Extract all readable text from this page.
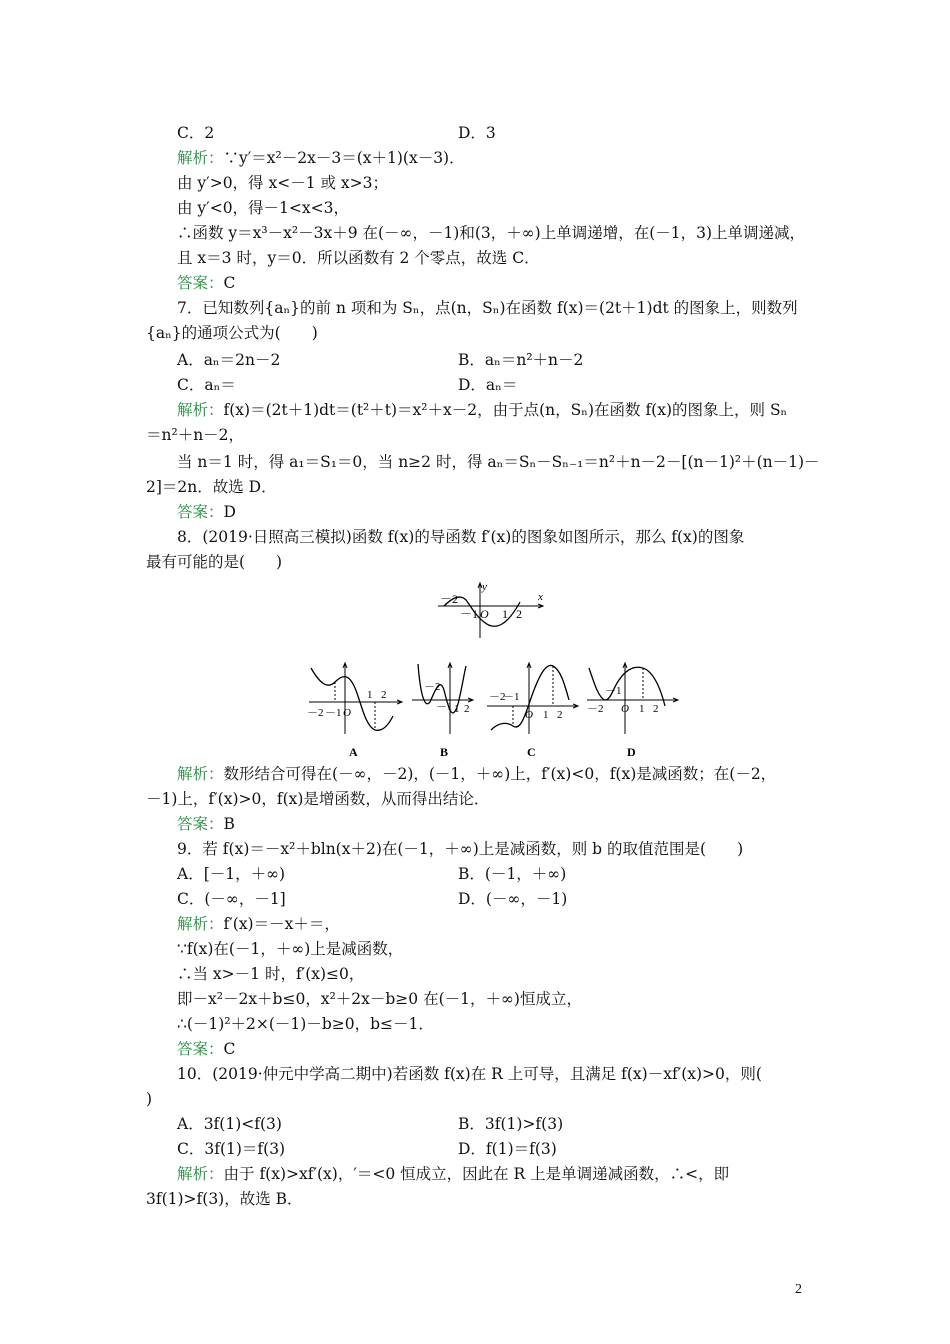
C．2	D．3
解析：∵y′＝x²－2x－3＝(x＋1)(x－3)．
由 y′>0，得 x<－1 或 x>3；
由 y′<0，得－1<x<3，
∴函数 y＝x³－x²－3x＋9 在(－∞，－1)和(3，＋∞)上单调递增，在(－1，3)上单调递减，
且 x＝3 时，y＝0．所以函数有 2 个零点，故选 C．
答案：C
7．已知数列{aₙ}的前 n 项和为 Sₙ，点(n，Sₙ)在函数 f(x)＝(2t＋1)dt 的图象上，则数列
{aₙ}的通项公式为(　　)
A．aₙ＝2n－2	B．aₙ＝n²＋n－2
C．aₙ＝	D．aₙ＝
解析：f(x)＝(2t＋1)dt＝(t²＋t)＝x²＋x－2，由于点(n，Sₙ)在函数 f(x)的图象上，则 Sₙ
＝n²＋n－2，
当 n＝1 时，得 a₁＝S₁＝0，当 n≥2 时，得 aₙ＝Sₙ－Sₙ₋₁＝n²＋n－2－[(n－1)²＋(n－1)－
2]＝2n．故选 D．
答案：D
8．(2019·日照高三模拟)函数 f(x)的导函数 f′(x)的图象如图所示，那么 f(x)的图象
最有可能的是(　　)
解析：数形结合可得在(－∞，－2)，(－1，＋∞)上，f′(x)<0，f(x)是减函数；在(－2，
－1)上，f′(x)>0，f(x)是增函数，从而得出结论．
答案：B
9．若 f(x)＝－x²＋bln(x＋2)在(－1，＋∞)上是减函数，则 b 的取值范围是(　　)
A．[－1，＋∞)	B．(－1，＋∞)
C．(－∞，－1]	D．(－∞，－1)
解析：f′(x)＝－x＋＝，
∵f(x)在(－1，＋∞)上是减函数，
∴当 x>－1 时，f′(x)≤0，
即－x²－2x＋b≤0，x²＋2x－b≥0 在(－1，＋∞)恒成立，
∴(－1)²＋2×(－1)－b≥0，b≤－1．
答案：C
10．(2019·仲元中学高二期中)若函数 f(x)在 R 上可导，且满足 f(x)－xf′(x)>0，则(
)
A．3f(1)<f(3)	B．3f(1)>f(3)
C．3f(1)＝f(3)	D．f(1)＝f(3)
解析：由于 f(x)>xf′(x)，′＝<0 恒成立，因此在 R 上是单调递减函数，∴<，即
3f(1)>f(3)，故选 B．
x
y
－2
－1 O 1 2
－2 －1 O
1 2
A
－2
－1 1 2
B
－2
－1
O 1 2
C
－2
－1
O 1 2
D
2
